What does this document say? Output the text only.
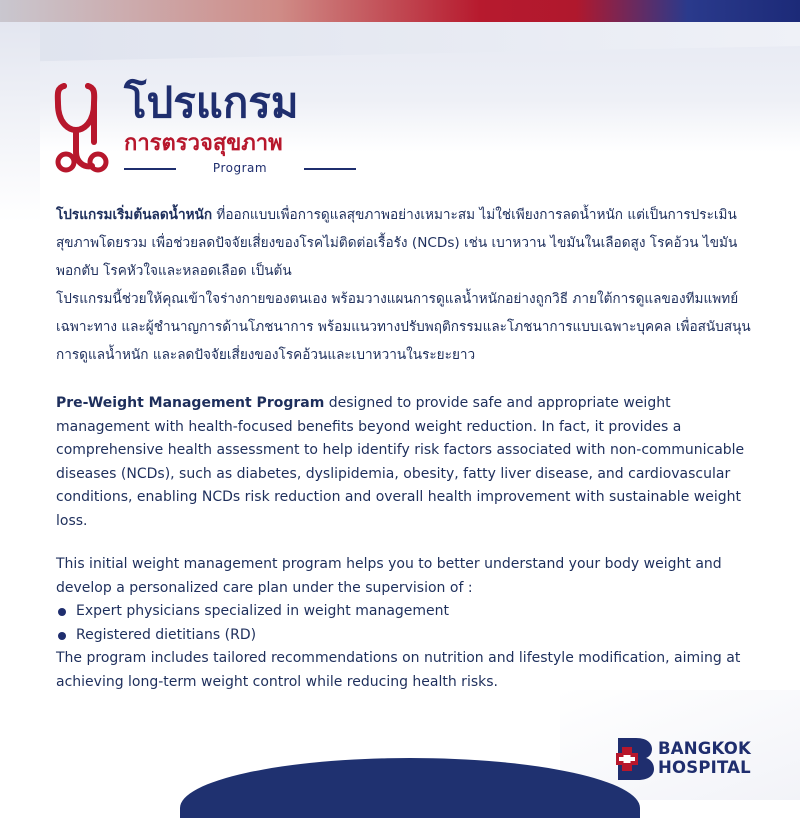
โปรแกรม
การตรวจสุขภาพ
Program
โปรแกรมเริ่มต้นลดน้ำหนัก ที่ออกแบบเพื่อการดูแลสุขภาพอย่างเหมาะสม ไม่ใช่เพียงการลดน้ำหนัก แต่เป็นการประเมินสุขภาพโดยรวม เพื่อช่วยลดปัจจัยเสี่ยงของโรคไม่ติดต่อเรื้อรัง (NCDs) เช่น เบาหวาน ไขมันในเลือดสูง โรคอ้วน ไขมันพอกตับ โรคหัวใจและหลอดเลือด เป็นต้น
โปรแกรมนี้ช่วยให้คุณเข้าใจร่างกายของตนเอง พร้อมวางแผนการดูแลน้ำหนักอย่างถูกวิธี ภายใต้การดูแลของทีมแพทย์เฉพาะทาง และผู้ชำนาญการด้านโภชนาการ พร้อมแนวทางปรับพฤติกรรมและโภชนาการแบบเฉพาะบุคคล เพื่อสนับสนุนการดูแลน้ำหนัก และลดปัจจัยเสี่ยงของโรคอ้วนและเบาหวานในระยะยาว
Pre-Weight Management Program designed to provide safe and appropriate weight management with health-focused benefits beyond weight reduction. In fact, it provides a comprehensive health assessment to help identify risk factors associated with non-communicable diseases (NCDs), such as diabetes, dyslipidemia, obesity, fatty liver disease, and cardiovascular conditions, enabling NCDs risk reduction and overall health improvement with sustainable weight loss.
This initial weight management program helps you to better understand your body weight and develop a personalized care plan under the supervision of :
Expert physicians specialized in weight management
Registered dietitians (RD)
The program includes tailored recommendations on nutrition and lifestyle modification, aiming at achieving long-term weight control while reducing health risks.
BANGKOK
HOSPITAL
